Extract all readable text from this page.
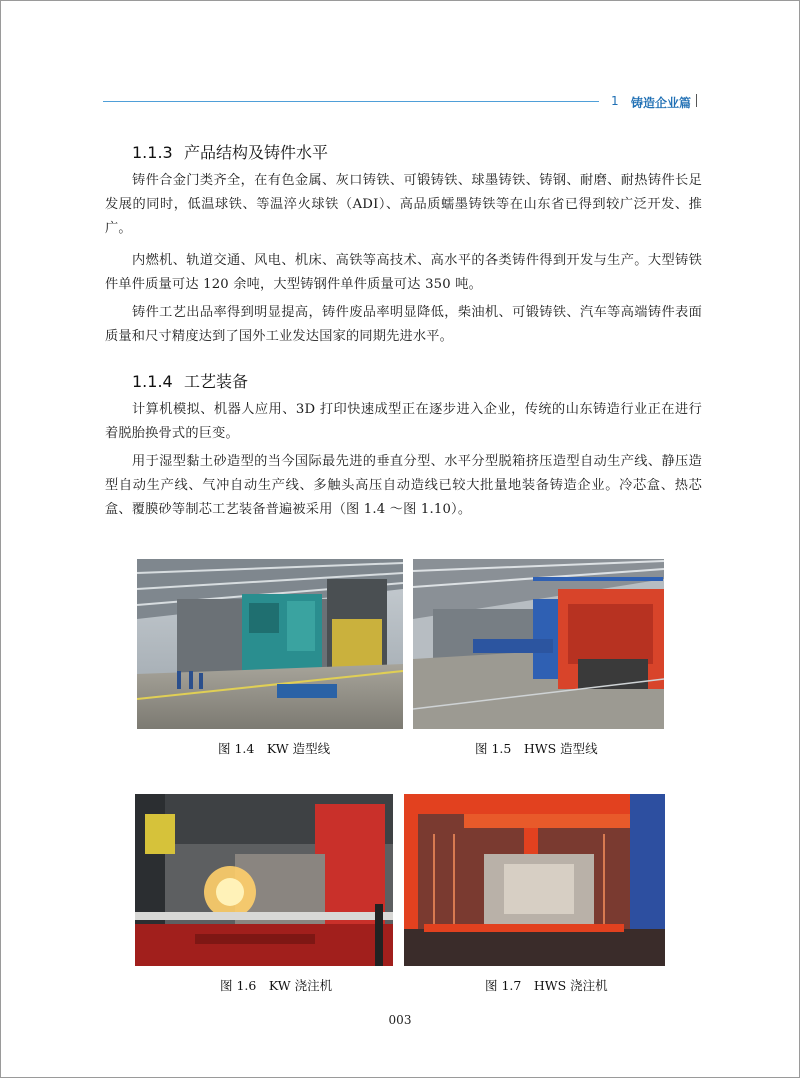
1 铸造企业篇
1.1.3 产品结构及铸件水平

铸件合金门类齐全，在有色金属、灰口铸铁、可锻铸铁、球墨铸铁、铸钢、耐磨、耐热铸件长足发展的同时，低温球铁、等温淬火球铁（ADI）、高品质蠕墨铸铁等在山东省已得到较广泛开发、推广。

内燃机、轨道交通、风电、机床、高铁等高技术、高水平的各类铸件得到开发与生产。大型铸铁件单件质量可达 120 余吨，大型铸钢件单件质量可达 350 吨。

铸件工艺出品率得到明显提高，铸件废品率明显降低，柴油机、可锻铸铁、汽车等高端铸件表面质量和尺寸精度达到了国外工业发达国家的同期先进水平。

1.1.4 工艺装备

计算机模拟、机器人应用、3D 打印快速成型正在逐步进入企业，传统的山东铸造行业正在进行着脱胎换骨式的巨变。

用于湿型黏土砂造型的当今国际最先进的垂直分型、水平分型脱箱挤压造型自动生产线、静压造型自动生产线、气冲自动生产线、多触头高压自动造线已较大批量地装备铸造企业。冷芯盒、热芯盒、覆膜砂等制芯工艺装备普遍被采用（图 1.4 ～图 1.10）。

图 1.4　KW 造型线	图 1.5　HWS 造型线
图 1.6　KW 浇注机	图 1.7　HWS 浇注机
003
